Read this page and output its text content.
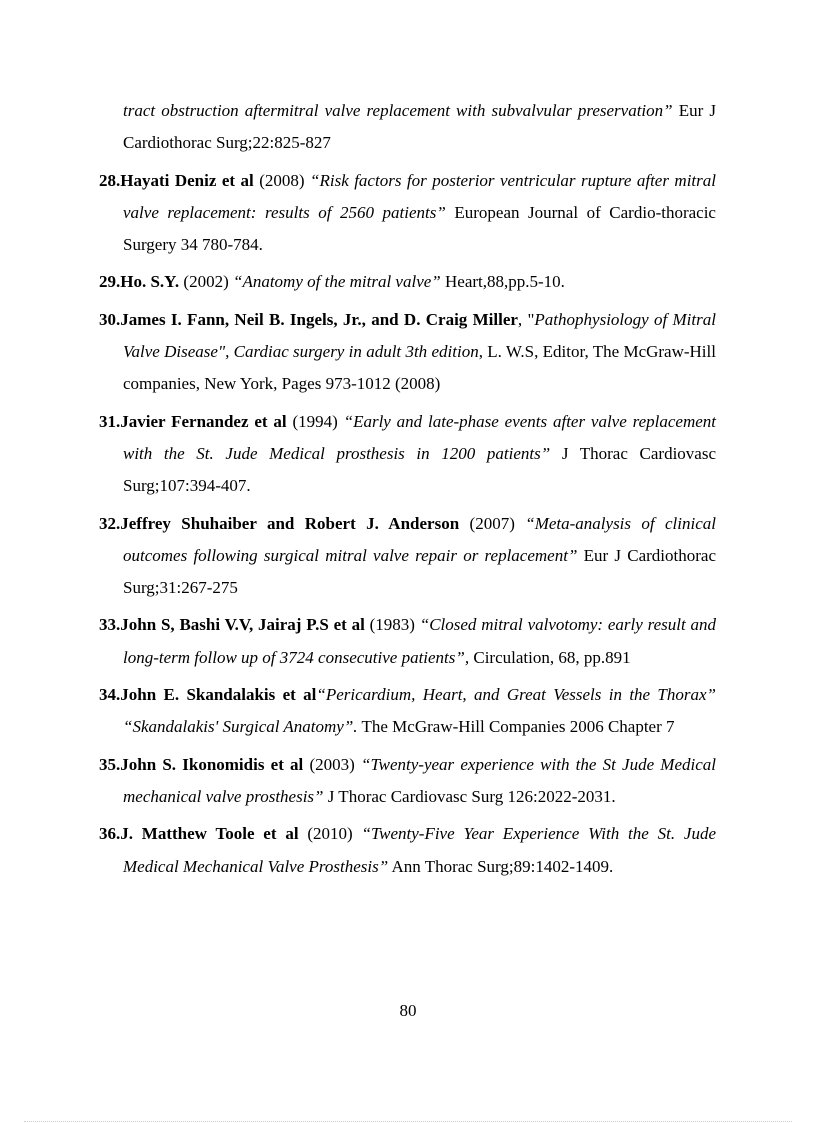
tract obstruction aftermitral valve replacement with subvalvular preservation” Eur J Cardiothorac Surg;22:825-827

28.Hayati Deniz et al (2008) “Risk factors for posterior ventricular rupture after mitral valve replacement: results of 2560 patients” European Journal of Cardio-thoracic Surgery 34 780-784.

29.Ho. S.Y. (2002) “Anatomy of the mitral valve” Heart,88,pp.5-10.

30.James I. Fann, Neil B. Ingels, Jr., and D. Craig Miller, "Pathophysiology of Mitral Valve Disease", Cardiac surgery in adult 3th edition, L. W.S, Editor, The McGraw-Hill companies, New York, Pages 973-1012 (2008)

31.Javier Fernandez et al (1994) “Early and late-phase events after valve replacement with the St. Jude Medical prosthesis in 1200 patients” J Thorac Cardiovasc Surg;107:394-407.

32.Jeffrey Shuhaiber and Robert J. Anderson (2007) “Meta-analysis of clinical outcomes following surgical mitral valve repair or replacement” Eur J Cardiothorac Surg;31:267-275

33.John S, Bashi V.V, Jairaj P.S et al (1983) “Closed mitral valvotomy: early result and long-term follow up of 3724 consecutive patients”, Circulation, 68, pp.891

34.John E. Skandalakis et al“Pericardium, Heart, and Great Vessels in the Thorax” “Skandalakis' Surgical Anatomy”. The McGraw-Hill Companies 2006 Chapter 7

35.John S. Ikonomidis et al (2003) “Twenty-year experience with the St Jude Medical mechanical valve prosthesis” J Thorac Cardiovasc Surg 126:2022-2031.

36.J. Matthew Toole et al (2010) “Twenty-Five Year Experience With the St. Jude Medical Mechanical Valve Prosthesis” Ann Thorac Surg;89:1402-1409.

80
